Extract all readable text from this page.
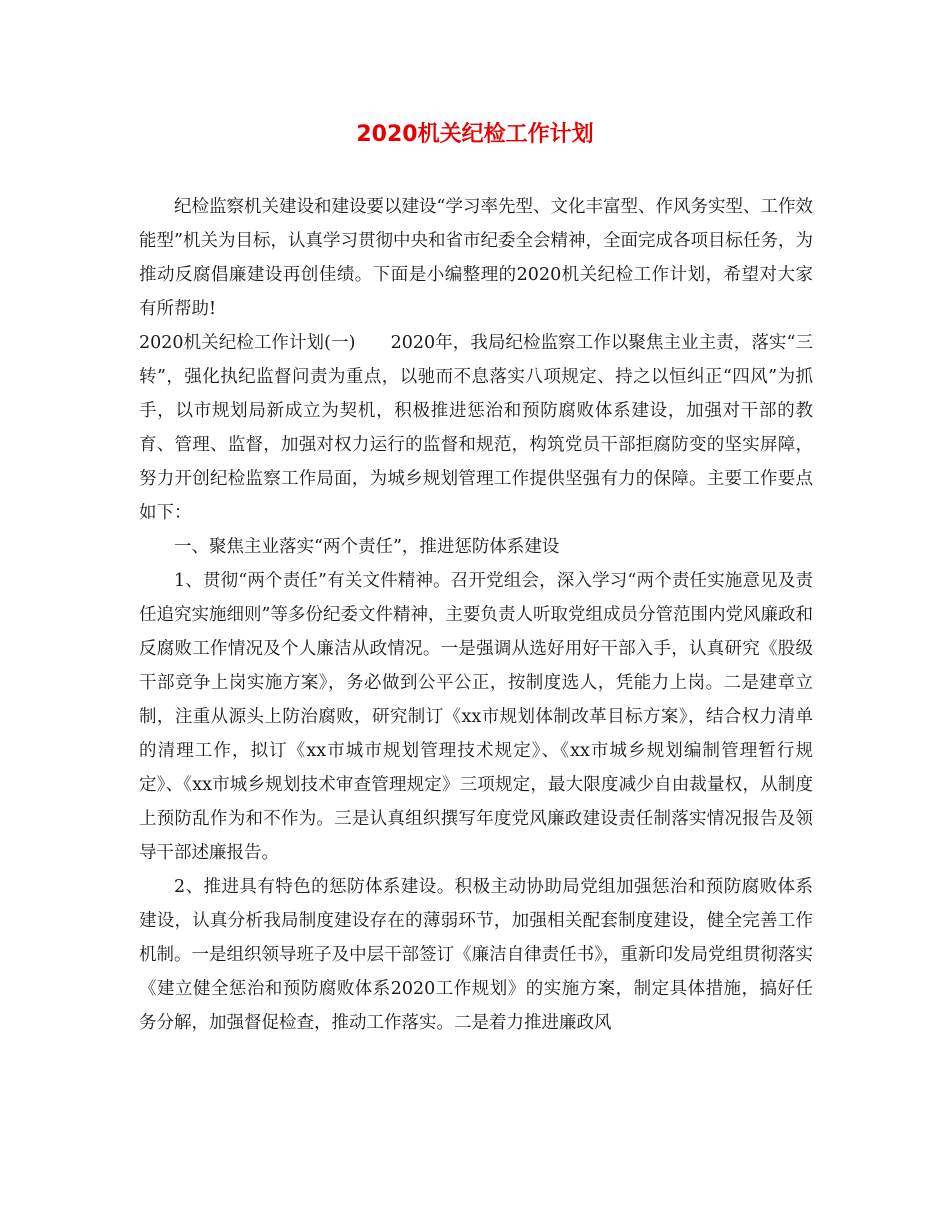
2020机关纪检工作计划

纪检监察机关建设和建设要以建设“学习率先型、文化丰富型、作风务实型、工作效能型”机关为目标，认真学习贯彻中央和省市纪委全会精神，全面完成各项目标任务，为推动反腐倡廉建设再创佳绩。下面是小编整理的2020机关纪检工作计划，希望对大家有所帮助!

2020机关纪检工作计划(一)　　2020年，我局纪检监察工作以聚焦主业主责，落实“三转”，强化执纪监督问责为重点，以驰而不息落实八项规定、持之以恒纠正“四风”为抓手，以市规划局新成立为契机，积极推进惩治和预防腐败体系建设，加强对干部的教育、管理、监督，加强对权力运行的监督和规范，构筑党员干部拒腐防变的坚实屏障，努力开创纪检监察工作局面，为城乡规划管理工作提供坚强有力的保障。主要工作要点如下：

一、聚焦主业落实“两个责任”，推进惩防体系建设

1、贯彻“两个责任”有关文件精神。召开党组会，深入学习“两个责任实施意见及责任追究实施细则”等多份纪委文件精神，主要负责人听取党组成员分管范围内党风廉政和反腐败工作情况及个人廉洁从政情况。一是强调从选好用好干部入手，认真研究《股级干部竞争上岗实施方案》，务必做到公平公正，按制度选人，凭能力上岗。二是建章立制，注重从源头上防治腐败，研究制订《xx市规划体制改革目标方案》，结合权力清单的清理工作，拟订《xx市城市规划管理技术规定》、《xx市城乡规划编制管理暂行规定》、《xx市城乡规划技术审查管理规定》三项规定，最大限度减少自由裁量权，从制度上预防乱作为和不作为。三是认真组织撰写年度党风廉政建设责任制落实情况报告及领导干部述廉报告。

2、推进具有特色的惩防体系建设。积极主动协助局党组加强惩治和预防腐败体系建设，认真分析我局制度建设存在的薄弱环节，加强相关配套制度建设，健全完善工作机制。一是组织领导班子及中层干部签订《廉洁自律责任书》，重新印发局党组贯彻落实《建立健全惩治和预防腐败体系2020工作规划》的实施方案，制定具体措施，搞好任务分解，加强督促检查，推动工作落实。二是着力推进廉政风
